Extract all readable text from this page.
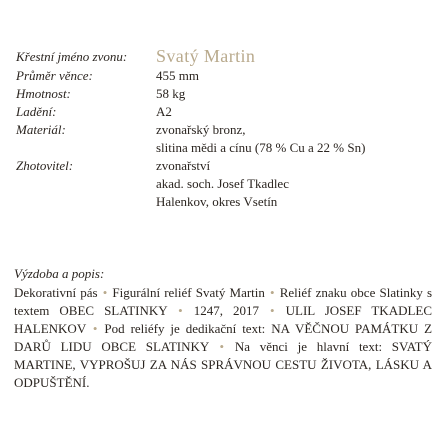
Křestní jméno zvonu:	Svatý Martin
Průměr věnce:	455 mm
Hmotnost:	58 kg
Ladění:	A2
Materiál:	zvonařský bronz,
slitina mědi a cínu (78 % Cu a 22 % Sn)
Zhotovitel:	zvonařství
akad. soch. Josef Tkadlec
Halenkov, okres Vsetín
Výzdoba a popis:
Dekorativní pás • Figurální reliéf Svatý Martin • Reliéf znaku obce Slatinky s textem OBEC SLATINKY • 1247, 2017 • ULIL JOSEF TKADLEC HALENKOV • Pod reliéfy je dedikační text: NA VĚČNOU PAMÁTKU Z DARŮ LIDU OBCE SLATINKY • Na věnci je hlavní text: SVATÝ MARTINE, VYPROŠUJ ZA NÁS SPRÁVNOU CESTU ŽIVOTA, LÁSKU A ODPUŠTĚNÍ.
